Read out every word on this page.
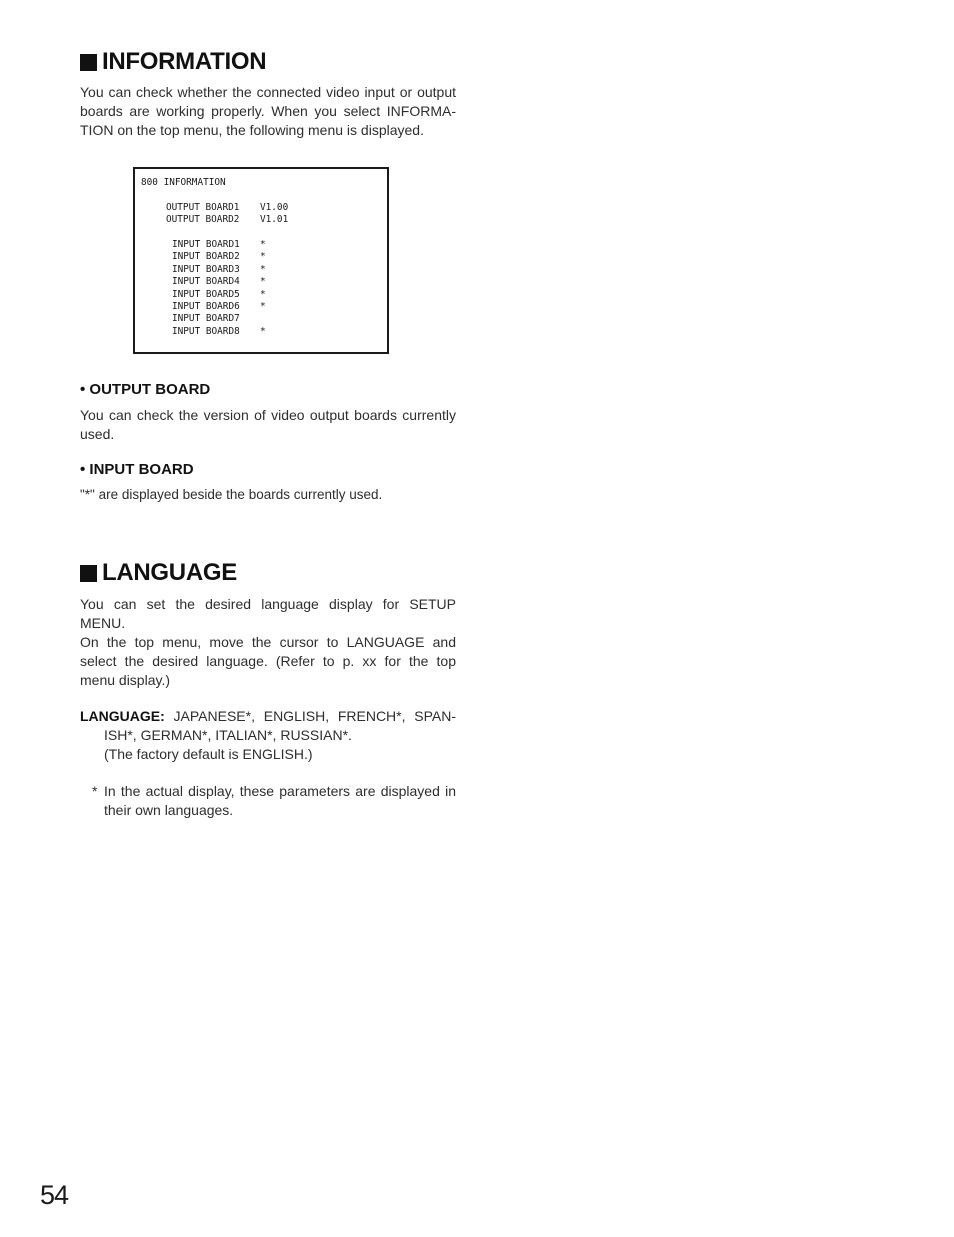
INFORMATION
You can check whether the connected video input or output
boards are working properly. When you select INFORMA-
TION on the top menu, the following menu is displayed.
800 INFORMATION
OUTPUT BOARD1 V1.00
OUTPUT BOARD2 V1.01
INPUT BOARD1 *
INPUT BOARD2 *
INPUT BOARD3 *
INPUT BOARD4 *
INPUT BOARD5 *
INPUT BOARD6 *
INPUT BOARD7
INPUT BOARD8 *
• OUTPUT BOARD
You can check the version of video output boards currently
used.
• INPUT BOARD
"*" are displayed beside the boards currently used.
LANGUAGE
You can set the desired language display for SETUP
MENU.
On the top menu, move the cursor to LANGUAGE and
select the desired language. (Refer to p. xx for the top
menu display.)
LANGUAGE: JAPANESE*, ENGLISH, FRENCH*, SPAN-
ISH*, GERMAN*, ITALIAN*, RUSSIAN*.
(The factory default is ENGLISH.)
* In the actual display, these parameters are displayed in
their own languages.
54
